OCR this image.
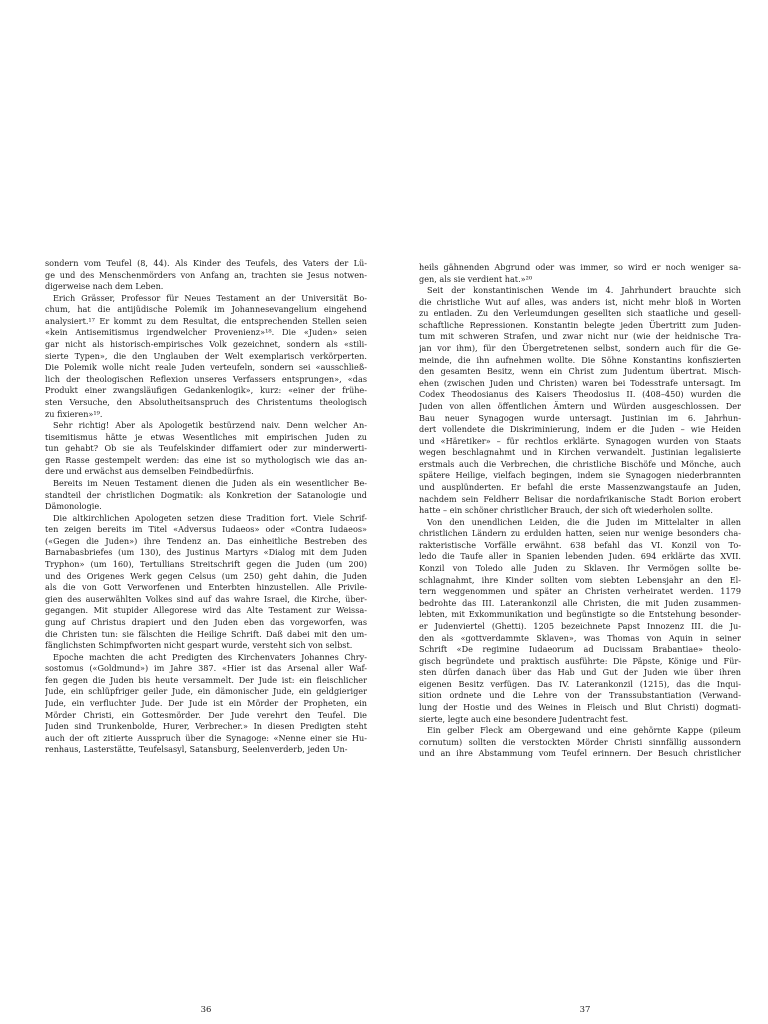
sondern vom Teufel (8, 44). Als Kinder des Teufels, des Vaters der Lü-
ge und des Menschenmörders von Anfang an, trachten sie Jesus notwen-
digerweise nach dem Leben.
Erich Grässer, Professor für Neues Testament an der Universität Bo-
chum, hat die antijüdische Polemik im Johannesevangelium eingehend
analysiert.¹⁷ Er kommt zu dem Resultat, die entsprechenden Stellen seien
«kein Antisemitismus irgendwelcher Provenienz»¹⁸. Die «Juden» seien
gar nicht als historisch-empirisches Volk gezeichnet, sondern als «stili-
sierte Typen», die den Unglauben der Welt exemplarisch verkörperten.
Die Polemik wolle nicht reale Juden verteufeln, sondern sei «ausschließ-
lich der theologischen Reflexion unseres Verfassers entsprungen», «das
Produkt einer zwangsläufigen Gedankenlogik», kurz: «einer der frühe-
sten Versuche, den Absolutheitsanspruch des Christentums theologisch
zu fixieren»¹⁹.
Sehr richtig! Aber als Apologetik bestürzend naiv. Denn welcher An-
tisemitismus hätte je etwas Wesentliches mit empirischen Juden zu
tun gehabt? Ob sie als Teufelskinder diffamiert oder zur minderwerti-
gen Rasse gestempelt werden: das eine ist so mythologisch wie das an-
dere und erwächst aus demselben Feindbedürfnis.
Bereits im Neuen Testament dienen die Juden als ein wesentlicher Be-
standteil der christlichen Dogmatik: als Konkretion der Satanologie und
Dämonologie.
Die altkirchlichen Apologeten setzen diese Tradition fort. Viele Schrif-
ten zeigen bereits im Titel «Adversus Iudaeos» oder «Contra Iudaeos»
(«Gegen die Juden») ihre Tendenz an. Das einheitliche Bestreben des
Barnabasbriefes (um 130), des Justinus Martyrs «Dialog mit dem Juden
Tryphon» (um 160), Tertullians Streitschrift gegen die Juden (um 200)
und des Origenes Werk gegen Celsus (um 250) geht dahin, die Juden
als die von Gott Verworfenen und Enterbten hinzustellen. Alle Privile-
gien des auserwählten Volkes sind auf das wahre Israel, die Kirche, über-
gegangen. Mit stupider Allegorese wird das Alte Testament zur Weissa-
gung auf Christus drapiert und den Juden eben das vorgeworfen, was
die Christen tun: sie fälschten die Heilige Schrift. Daß dabei mit den um-
fänglichsten Schimpfworten nicht gespart wurde, versteht sich von selbst.
Epoche machten die acht Predigten des Kirchenvaters Johannes Chry-
sostomus («Goldmund») im Jahre 387. «Hier ist das Arsenal aller Waf-
fen gegen die Juden bis heute versammelt. Der Jude ist: ein fleischlicher
Jude, ein schlüpfriger geiler Jude, ein dämonischer Jude, ein geldgieriger
Jude, ein verfluchter Jude. Der Jude ist ein Mörder der Propheten, ein
Mörder Christi, ein Gottesmörder. Der Jude verehrt den Teufel. Die
Juden sind Trunkenbolde, Hurer, Verbrecher.» In diesen Predigten steht
auch der oft zitierte Ausspruch über die Synagoge: «Nenne einer sie Hu-
renhaus, Lasterstätte, Teufelsasyl, Satansburg, Seelenverderb, jeden Un-
36
heils gähnenden Abgrund oder was immer, so wird er noch weniger sa-
gen, als sie verdient hat.»²⁰
Seit der konstantinischen Wende im 4. Jahrhundert brauchte sich
die christliche Wut auf alles, was anders ist, nicht mehr bloß in Worten
zu entladen. Zu den Verleumdungen gesellten sich staatliche und gesell-
schaftliche Repressionen. Konstantin belegte jeden Übertritt zum Juden-
tum mit schweren Strafen, und zwar nicht nur (wie der heidnische Tra-
jan vor ihm), für den Übergetretenen selbst, sondern auch für die Ge-
meinde, die ihn aufnehmen wollte. Die Söhne Konstantins konfiszierten
den gesamten Besitz, wenn ein Christ zum Judentum übertrat. Misch-
ehen (zwischen Juden und Christen) waren bei Todesstrafe untersagt. Im
Codex Theodosianus des Kaisers Theodosius II. (408–450) wurden die
Juden von allen öffentlichen Ämtern und Würden ausgeschlossen. Der
Bau neuer Synagogen wurde untersagt. Justinian im 6. Jahrhun-
dert vollendete die Diskriminierung, indem er die Juden – wie Heiden
und «Häretiker» – für rechtlos erklärte. Synagogen wurden von Staats
wegen beschlagnahmt und in Kirchen verwandelt. Justinian legalisierte
erstmals auch die Verbrechen, die christliche Bischöfe und Mönche, auch
spätere Heilige, vielfach begingen, indem sie Synagogen niederbrannten
und ausplünderten. Er befahl die erste Massenzwangstaufe an Juden,
nachdem sein Feldherr Belisar die nordafrikanische Stadt Borion erobert
hatte – ein schöner christlicher Brauch, der sich oft wiederholen sollte.
Von den unendlichen Leiden, die die Juden im Mittelalter in allen
christlichen Ländern zu erdulden hatten, seien nur wenige besonders cha-
rakteristische Vorfälle erwähnt. 638 befahl das VI. Konzil von To-
ledo die Taufe aller in Spanien lebenden Juden. 694 erklärte das XVII.
Konzil von Toledo alle Juden zu Sklaven. Ihr Vermögen sollte be-
schlagnahmt, ihre Kinder sollten vom siebten Lebensjahr an den El-
tern weggenommen und später an Christen verheiratet werden. 1179
bedrohte das III. Laterankonzil alle Christen, die mit Juden zusammen-
lebten, mit Exkommunikation und begünstigte so die Entstehung besonder-
er Judenviertel (Ghetti). 1205 bezeichnete Papst Innozenz III. die Ju-
den als «gottverdammte Sklaven», was Thomas von Aquin in seiner
Schrift «De regimine Iudaeorum ad Ducissam Brabantiae» theolo-
gisch begründete und praktisch ausführte: Die Päpste, Könige und Für-
sten dürfen danach über das Hab und Gut der Juden wie über ihren
eigenen Besitz verfügen. Das IV. Laterankonzil (1215), das die Inqui-
sition ordnete und die Lehre von der Transsubstantiation (Verwand-
lung der Hostie und des Weines in Fleisch und Blut Christi) dogmati-
sierte, legte auch eine besondere Judentracht fest.
Ein gelber Fleck am Obergewand und eine gehörnte Kappe (pileum
cornutum) sollten die verstockten Mörder Christi sinnfällig aussondern
und an ihre Abstammung vom Teufel erinnern. Der Besuch christlicher
37
